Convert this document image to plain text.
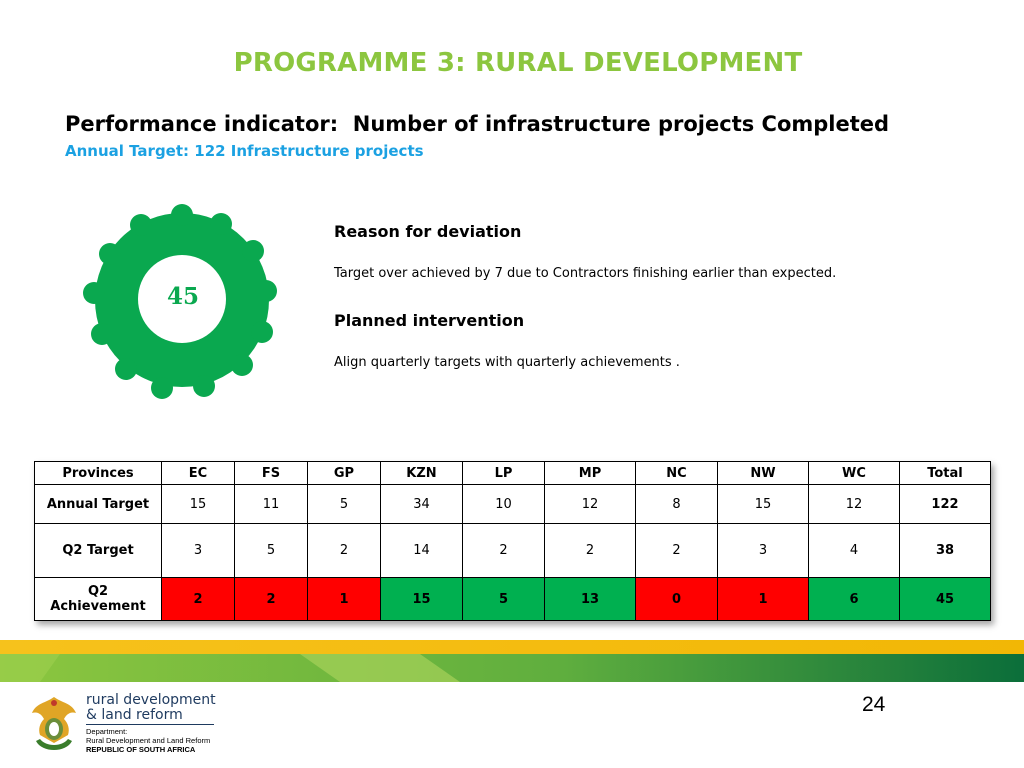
PROGRAMME 3: RURAL DEVELOPMENT
Performance indicator:  Number of infrastructure projects Completed
Annual Target: 122 Infrastructure projects
45

Reason for deviation

Target over achieved by 7 due to Contractors finishing earlier than expected.

Planned intervention

Align quarterly targets with quarterly achievements .

Provinces	EC	FS	GP	KZN	LP	MP	NC	NW	WC	Total
Annual Target	15	11	5	34	10	12	8	15	12	122
Q2 Target	3	5	2	14	2	2	2	3	4	38
Q2
Achievement	2	2	1	15	5	13	0	1	6	45
24
rural development
& land reform
Department:
Rural Development and Land Reform
REPUBLIC OF SOUTH AFRICA
